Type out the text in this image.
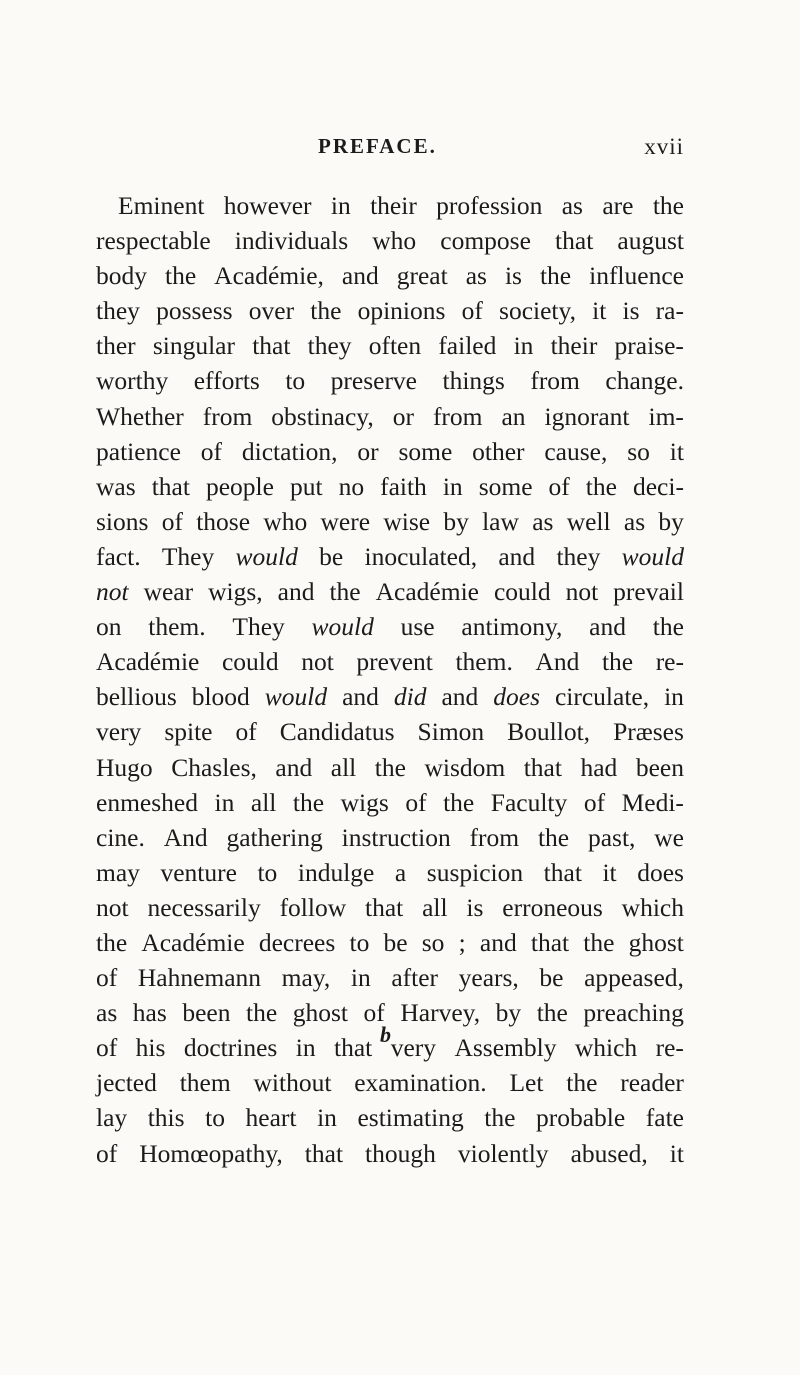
PREFACE.	xvii
Eminent however in their profession as are the
respectable individuals who compose that august
body the Académie, and great as is the influence
they possess over the opinions of society, it is ra-
ther singular that they often failed in their praise-
worthy efforts to preserve things from change.
Whether from obstinacy, or from an ignorant im-
patience of dictation, or some other cause, so it
was that people put no faith in some of the deci-
sions of those who were wise by law as well as by
fact. They would be inoculated, and they would
not wear wigs, and the Académie could not prevail
on them. They would use antimony, and the
Académie could not prevent them. And the re-
bellious blood would and did and does circulate, in
very spite of Candidatus Simon Boullot, Præses
Hugo Chasles, and all the wisdom that had been
enmeshed in all the wigs of the Faculty of Medi-
cine. And gathering instruction from the past, we
may venture to indulge a suspicion that it does
not necessarily follow that all is erroneous which
the Académie decrees to be so ; and that the ghost
of Hahnemann may, in after years, be appeased,
as has been the ghost of Harvey, by the preaching
of his doctrines in that very Assembly which re-
jected them without examination. Let the reader
lay this to heart in estimating the probable fate
of Homœopathy, that though violently abused, it
b
